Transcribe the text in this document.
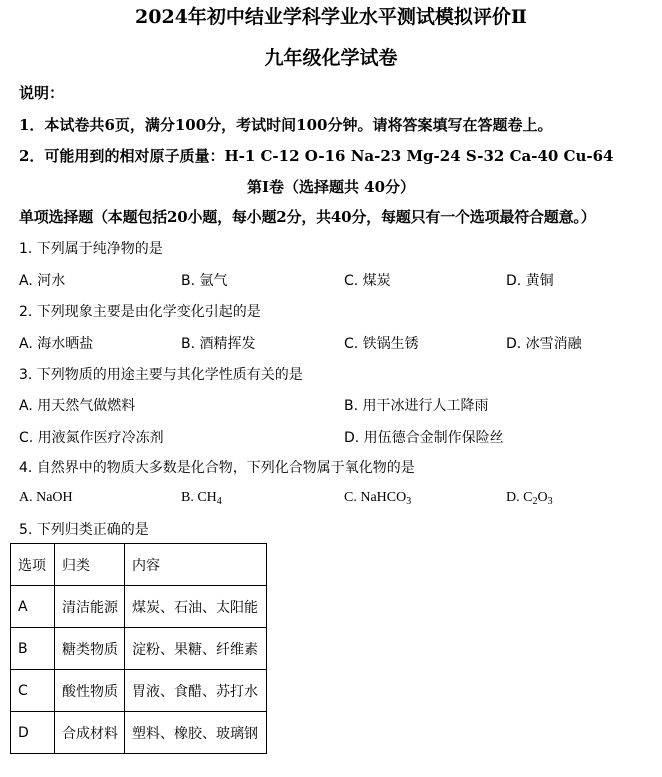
2024年初中结业学科学业水平测试模拟评价Ⅱ
九年级化学试卷
说明：
1．本试卷共6页，满分100分，考试时间100分钟。请将答案填写在答题卷上。
2．可能用到的相对原子质量：H-1 C-12 O-16 Na-23 Mg-24 S-32 Ca-40 Cu-64
第Ⅰ卷（选择题共 40分）
单项选择题（本题包括20小题，每小题2分，共40分，每题只有一个选项最符合题意。）
1. 下列属于纯净物的是
A. 河水	B. 氩气	C. 煤炭	D. 黄铜
2. 下列现象主要是由化学变化引起的是
A. 海水晒盐	B. 酒精挥发	C. 铁锅生锈	D. 冰雪消融
3. 下列物质的用途主要与其化学性质有关的是
A. 用天然气做燃料	B. 用干冰进行人工降雨
C. 用液氮作医疗冷冻剂	D. 用伍德合金制作保险丝
4. 自然界中的物质大多数是化合物，下列化合物属于氧化物的是
A. NaOH	B. $CH_4$	C. NaHCO$_3$	D. $C_2O_3$
5. 下列归类正确的是
选项	归类	内容
A	清洁能源	煤炭、石油、太阳能
B	糖类物质	淀粉、果糖、纤维素
C	酸性物质	胃液、食醋、苏打水
D	合成材料	塑料、橡胶、玻璃钢
